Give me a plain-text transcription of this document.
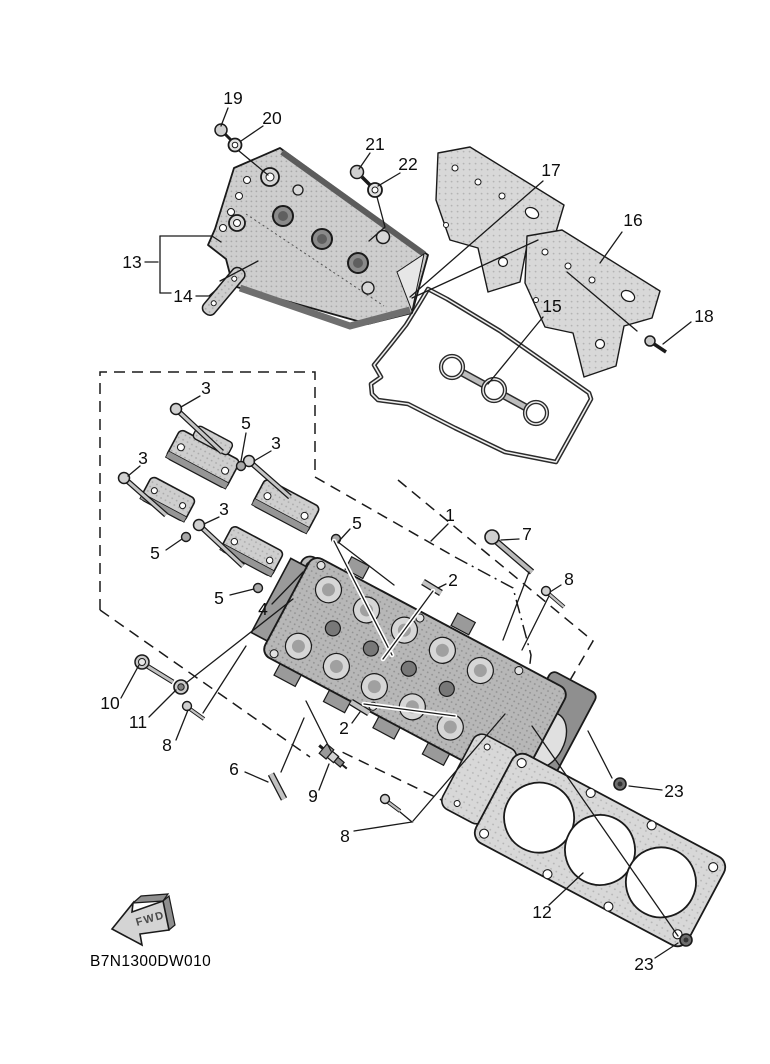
19
20
21
22	17
16
18
15
13
14
3
5
3
3
3
5
5
5
4
1
7
2	8
2
10
11
8
6
9
8
23
12
23
FWD
B7N1300DW010
